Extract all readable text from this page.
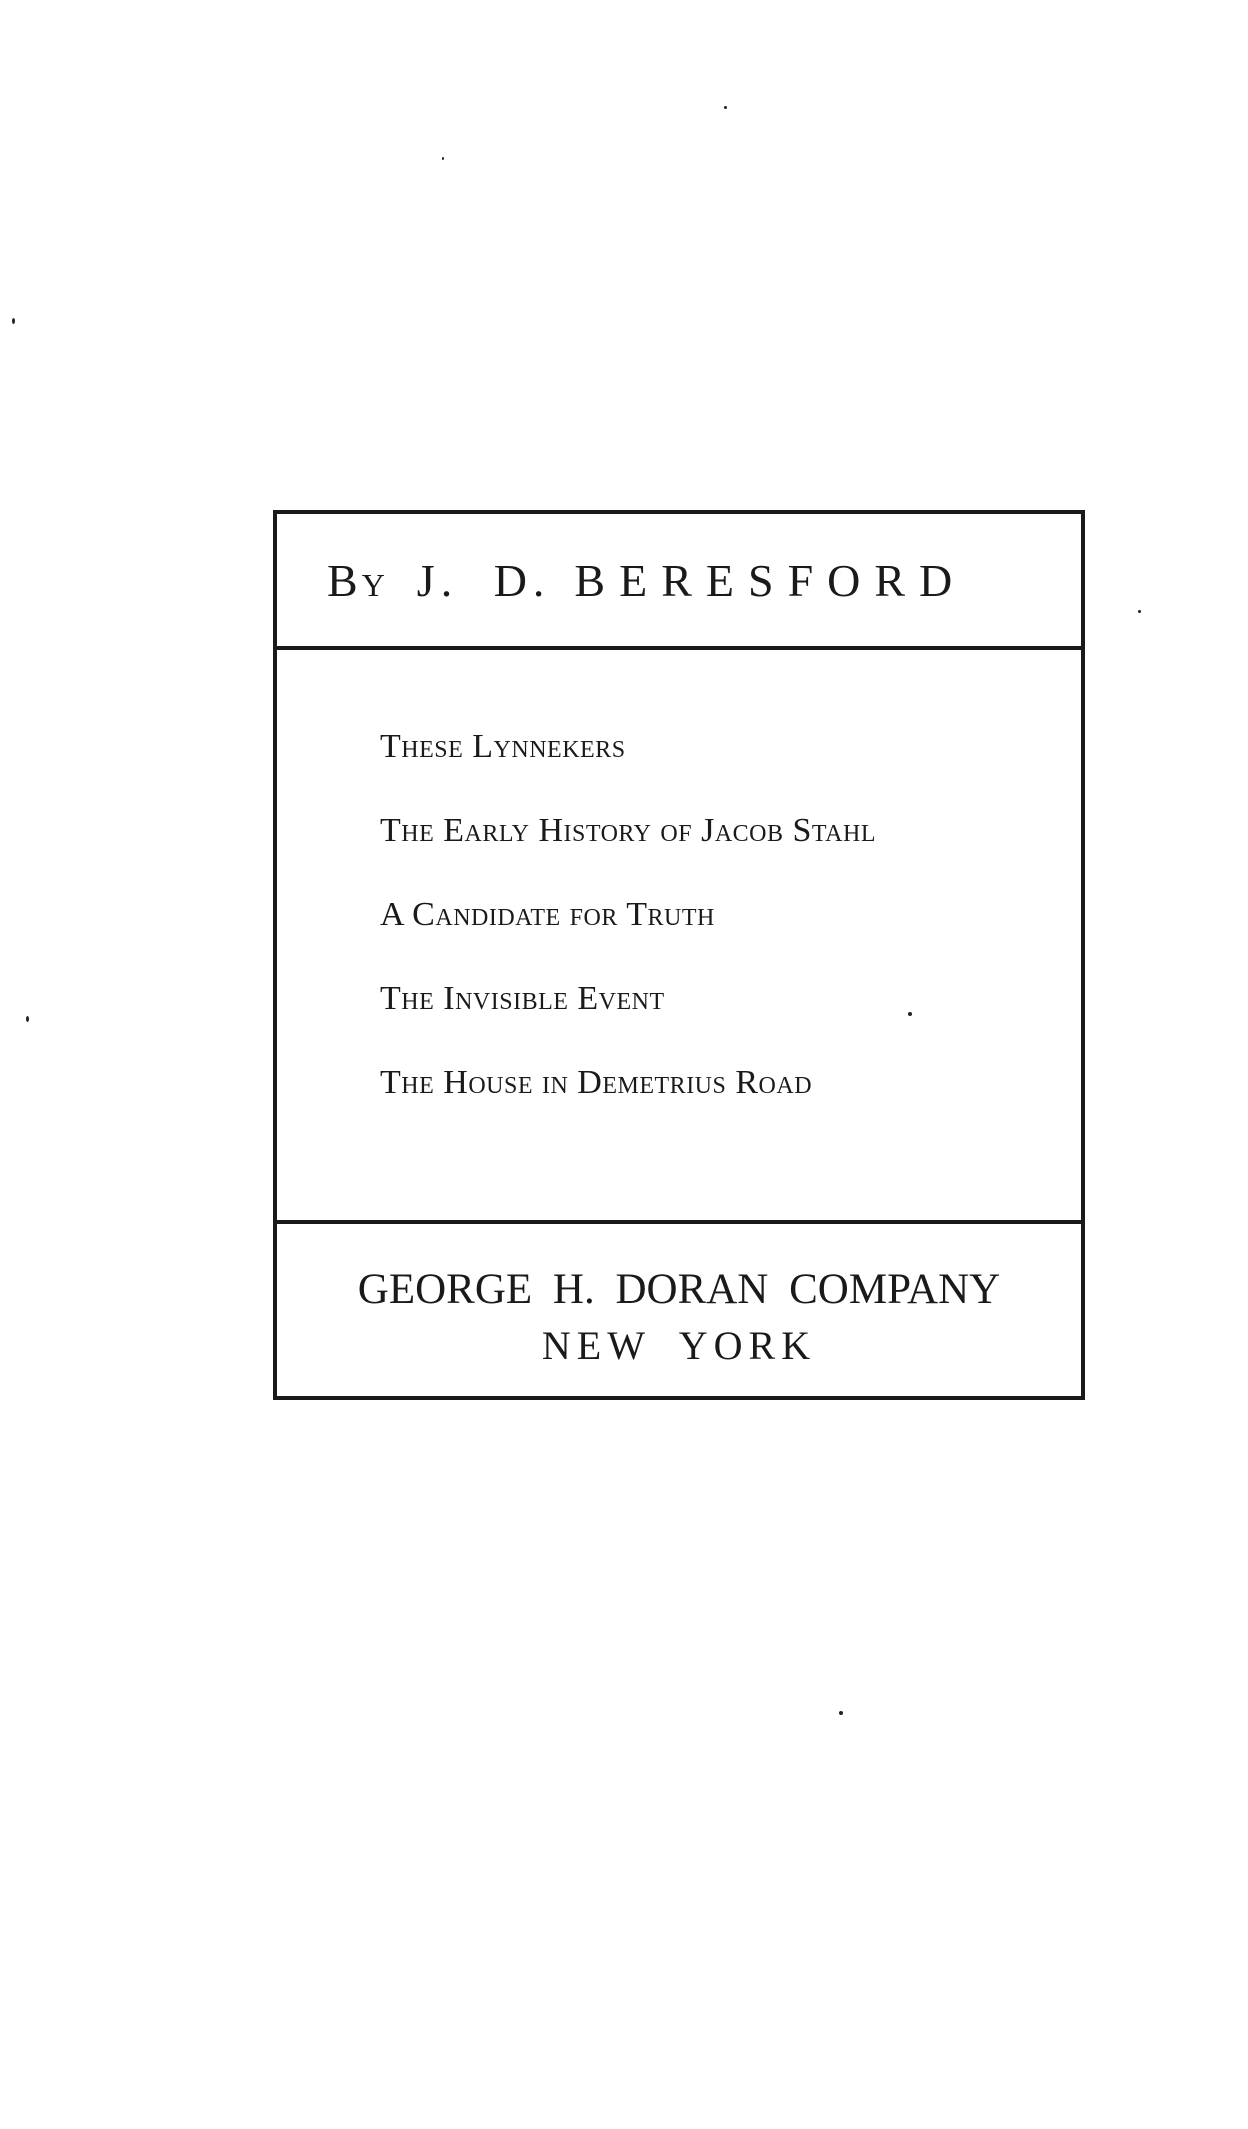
BY J. D. BERESFORD
These Lynnekers
The Early History of Jacob Stahl
A Candidate for Truth
The Invisible Event
The House in Demetrius Road
GEORGE H. DORAN COMPANY
NEW YORK
